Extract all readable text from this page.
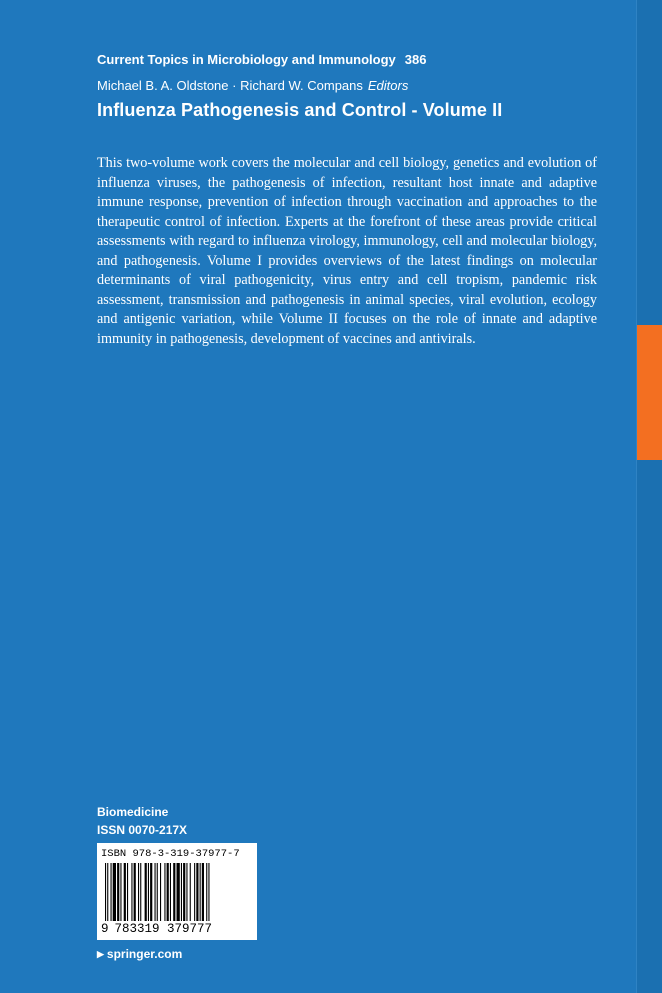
Current Topics in Microbiology and Immunology 386
Michael B. A. Oldstone · Richard W. Compans Editors
Influenza Pathogenesis and Control - Volume II

This two-volume work covers the molecular and cell biology, genetics and evolution of influenza viruses, the pathogenesis of infection, resultant host innate and adaptive immune response, prevention of infection through vaccination and approaches to the therapeutic control of infection. Experts at the forefront of these areas provide critical assessments with regard to influenza virology, immunology, cell and molecular biology, and pathogenesis. Volume I provides overviews of the latest findings on molecular determinants of viral pathogenicity, virus entry and cell tropism, pandemic risk assessment, transmission and pathogenesis in animal species, viral evolution, ecology and antigenic variation, while Volume II focuses on the role of innate and adaptive immunity in pathogenesis, development of vaccines and antivirals.

Biomedicine
ISSN 0070-217X
ISBN 978-3-319-37977-7
9 783319 379777
▶ springer.com
